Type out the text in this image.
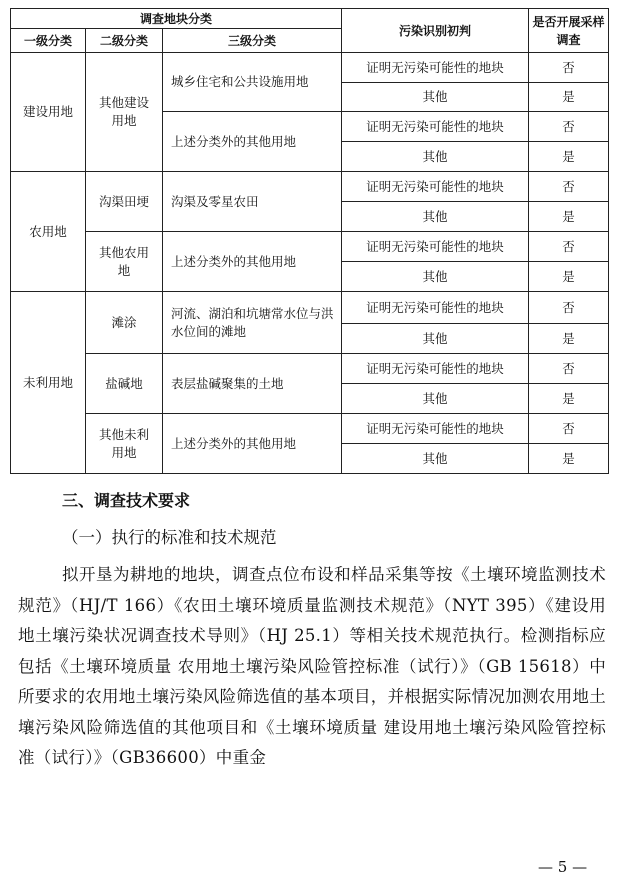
调查地块分类			污染识别初判	是否开展采样调查
一级分类	二级分类	三级分类		
建设用地	其他建设用地	城乡住宅和公共设施用地	证明无污染可能性的地块	否
			其他	是
		上述分类外的其他用地	证明无污染可能性的地块	否
			其他	是
农用地	沟渠田埂	沟渠及零星农田	证明无污染可能性的地块	否
			其他	是
	其他农用地	上述分类外的其他用地	证明无污染可能性的地块	否
			其他	是
未利用地	滩涂	河流、湖泊和坑塘常水位与洪水位间的滩地	证明无污染可能性的地块	否
			其他	是
	盐碱地	表层盐碱聚集的土地	证明无污染可能性的地块	否
			其他	是
	其他未利用地	上述分类外的其他用地	证明无污染可能性的地块	否
			其他	是
三、调查技术要求
（一）执行的标准和技术规范
拟开垦为耕地的地块，调查点位布设和样品采集等按《土壤环境监测技术规范》（HJ/T 166）《农田土壤环境质量监测技术规范》（NYT 395）《建设用地土壤污染状况调查技术导则》（HJ 25.1）等相关技术规范执行。检测指标应包括《土壤环境质量 农用地土壤污染风险管控标准（试行）》（GB 15618）中所要求的农用地土壤污染风险筛选值的基本项目，并根据实际情况加测农用地土壤污染风险筛选值的其他项目和《土壤环境质量 建设用地土壤污染风险管控标准（试行）》（GB36600）中重金
— 5 —
